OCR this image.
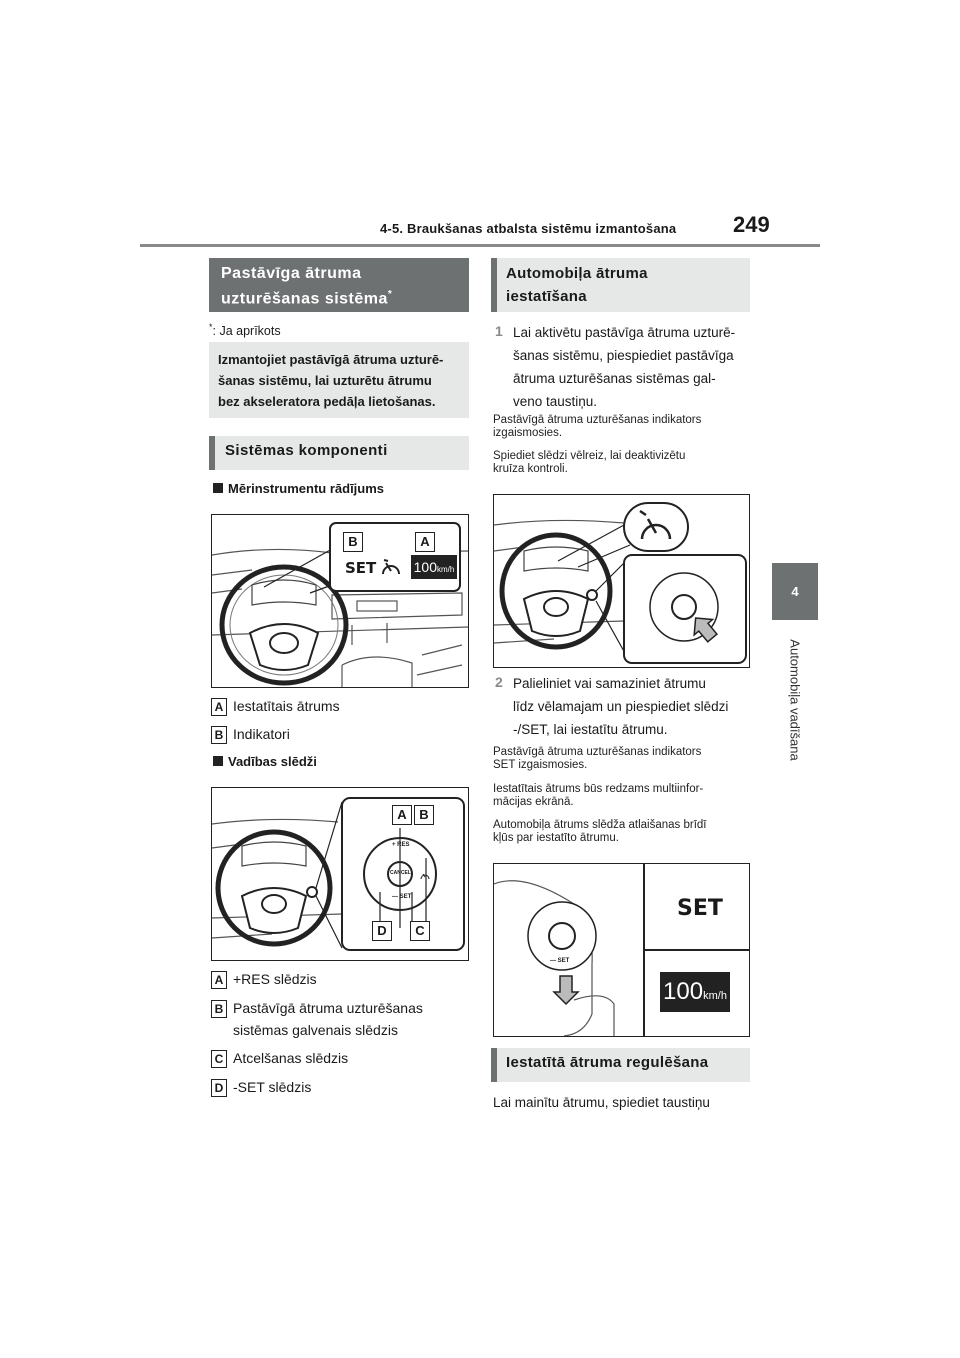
4-5. Braukšanas atbalsta sistēmu izmantošana	249
4
Automobiļa vadīšana
Pastāvīga ātruma
uzturēšanas sistēma*
*: Ja aprīkots
Izmantojiet pastāvīgā ātruma uzturē-
šanas sistēmu, lai uzturētu ātrumu
bez akseleratora pedāļa lietošanas.
Sistēmas komponenti
Mērinstrumentu rādījums
B	A
SET	100km/h
A Iestatītais ātrums
B Indikatori
Vadības slēdži
A B
+ RES
CANCEL
— SET
D	C
A +RES slēdzis
B Pastāvīgā ātruma uzturēšanas
sistēmas galvenais slēdzis
C Atcelšanas slēdzis
D -SET slēdzis
Automobiļa ātruma
iestatīšana
1 Lai aktivētu pastāvīga ātruma uzturē-
šanas sistēmu, piespiediet pastāvīga
ātruma uzturēšanas sistēmas gal-
veno taustiņu.
Pastāvīgā ātruma uzturēšanas indikators
izgaismosies.
Spiediet slēdzi vēlreiz, lai deaktivizētu
kruīza kontroli.
2 Palieliniet vai samaziniet ātrumu
līdz vēlamajam un piespiediet slēdzi
-/SET, lai iestatītu ātrumu.
Pastāvīgā ātruma uzturēšanas indikators
SET izgaismosies.
Iestatītais ātrums būs redzams multiinfor-
mācijas ekrānā.
Automobiļa ātrums slēdža atlaišanas brīdī
kļūs par iestatīto ātrumu.
— SET
SET
100km/h
Iestatītā ātruma regulēšana
Lai mainītu ātrumu, spiediet taustiņu
